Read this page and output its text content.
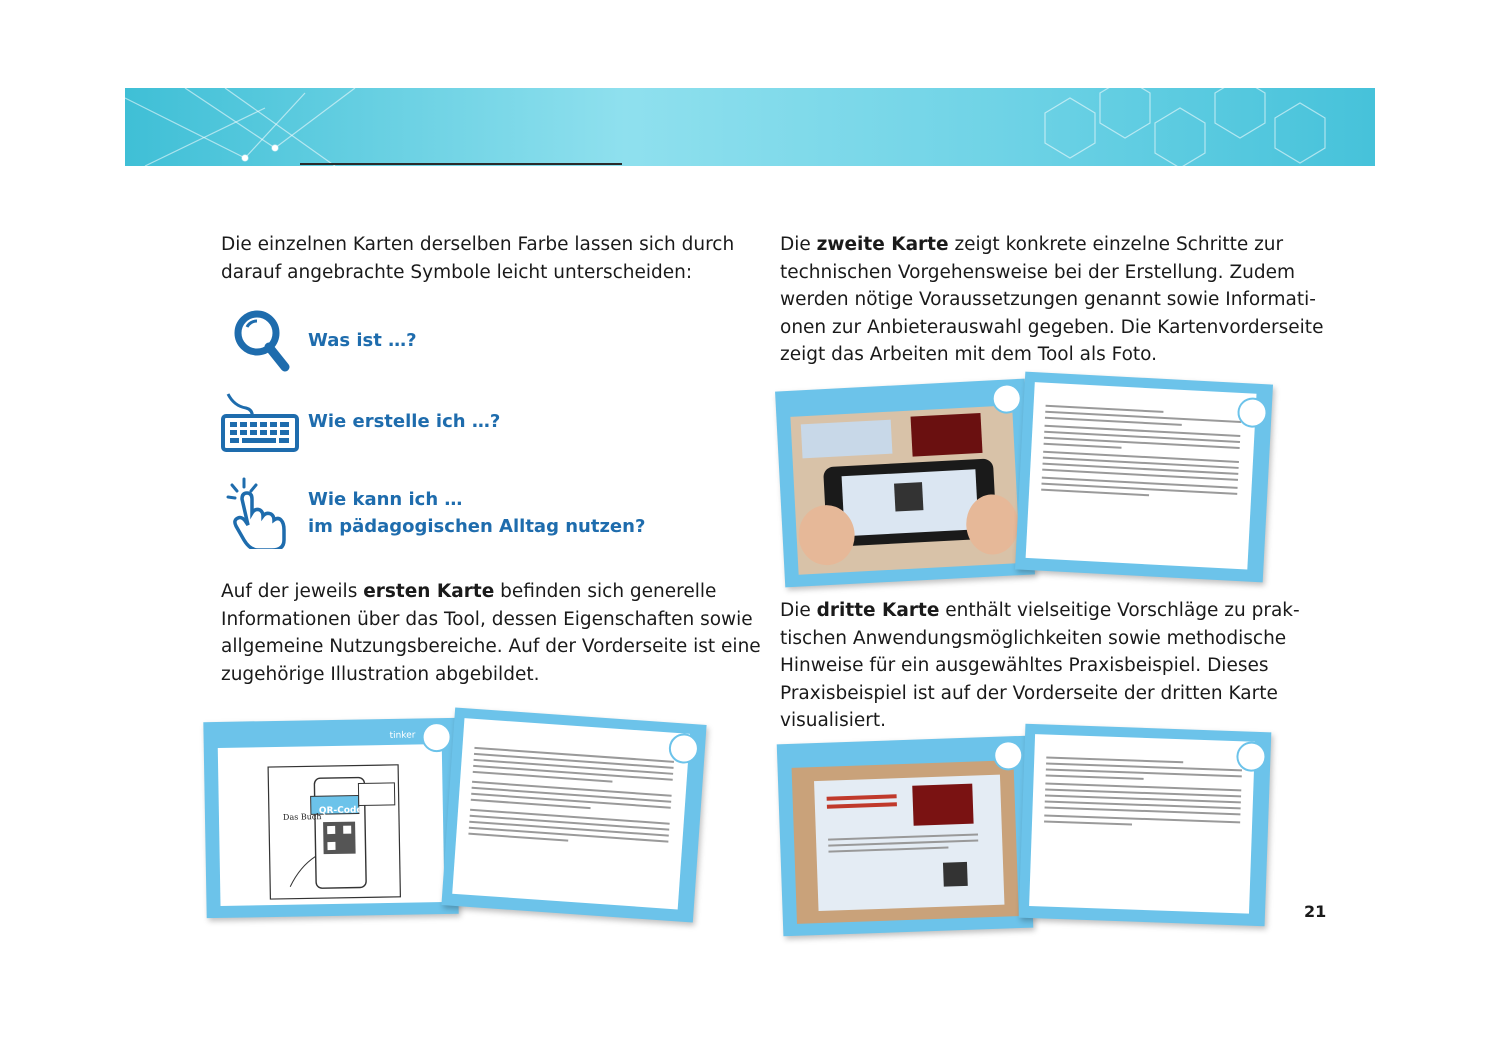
Die einzelnen Karten derselben Farbe lassen sich durch
darauf angebrachte Symbole leicht unterscheiden:
Was ist …?
Wie erstelle ich …?
Wie kann ich …
im pädagogischen Alltag nutzen?
Auf der jeweils ersten Karte befinden sich generelle
Informationen über das Tool, dessen Eigenschaften sowie
allgemeine Nutzungsbereiche. Auf der Vorderseite ist eine
zugehörige Illustration abgebildet.
Die zweite Karte zeigt konkrete einzelne Schritte zur
technischen Vorgehensweise bei der Erstellung. Zudem
werden nötige Voraussetzungen genannt sowie Informati-
onen zur Anbieterauswahl gegeben. Die Kartenvorderseite
zeigt das Arbeiten mit dem Tool als Foto.
Die dritte Karte enthält vielseitige Vorschläge zu prak-
tischen Anwendungsmöglichkeiten sowie methodische
Hinweise für ein ausgewähltes Praxisbeispiel. Dieses
Praxisbeispiel ist auf der Vorderseite der dritten Karte
visualisiert.
Das Buch
QR-Code
tinker
21
